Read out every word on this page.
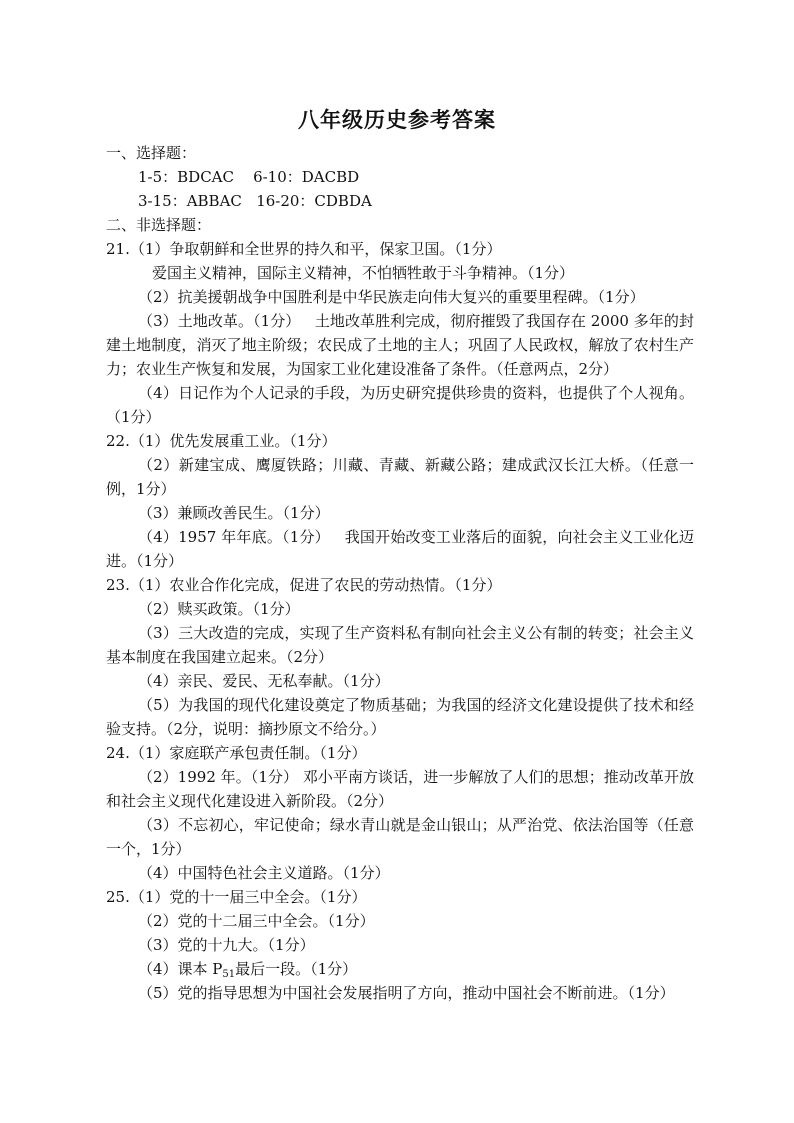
八年级历史参考答案
一、选择题：
1-5：BDCAC    6-10：DACBD
3-15：ABBAC   16-20：CDBDA
二、非选择题：
21.（1）争取朝鲜和全世界的持久和平，保家卫国。（1分）
爱国主义精神，国际主义精神，不怕牺牲敢于斗争精神。（1分）
（2）抗美援朝战争中国胜利是中华民族走向伟大复兴的重要里程碑。（1分）
（3）土地改革。（1分）   土地改革胜利完成，彻府摧毁了我国存在 2000 多年的封建土地制度，消灭了地主阶级；农民成了土地的主人；巩固了人民政权，解放了农村生产力；农业生产恢复和发展，为国家工业化建设准备了条件。（任意两点，2分）
（4）日记作为个人记录的手段，为历史研究提供珍贵的资料，也提供了个人视角。（1分）
22.（1）优先发展重工业。（1分）
（2）新建宝成、鹰厦铁路；川藏、青藏、新藏公路；建成武汉长江大桥。（任意一例，1分）
（3）兼顾改善民生。（1分）
（4）1957 年年底。（1分）   我国开始改变工业落后的面貌，向社会主义工业化迈进。（1分）
23.（1）农业合作化完成，促进了农民的劳动热情。（1分）
（2）赎买政策。（1分）
（3）三大改造的完成，实现了生产资料私有制向社会主义公有制的转变；社会主义基本制度在我国建立起来。（2分）
（4）亲民、爱民、无私奉献。（1分）
（5）为我国的现代化建设奠定了物质基础；为我国的经济文化建设提供了技术和经验支持。（2分，说明：摘抄原文不给分。）
24.（1）家庭联产承包责任制。（1分）
（2）1992 年。（1分） 邓小平南方谈话，进一步解放了人们的思想；推动改革开放和社会主义现代化建设进入新阶段。（2分）
（3）不忘初心，牢记使命；绿水青山就是金山银山；从严治党、依法治国等（任意一个，1分）
（4）中国特色社会主义道路。（1分）
25.（1）党的十一届三中全会。（1分）
（2）党的十二届三中全会。（1分）
（3）党的十九大。（1分）
（4）课本 $P_{51}$最后一段。（1分）
（5）党的指导思想为中国社会发展指明了方向，推动中国社会不断前进。（1分）
